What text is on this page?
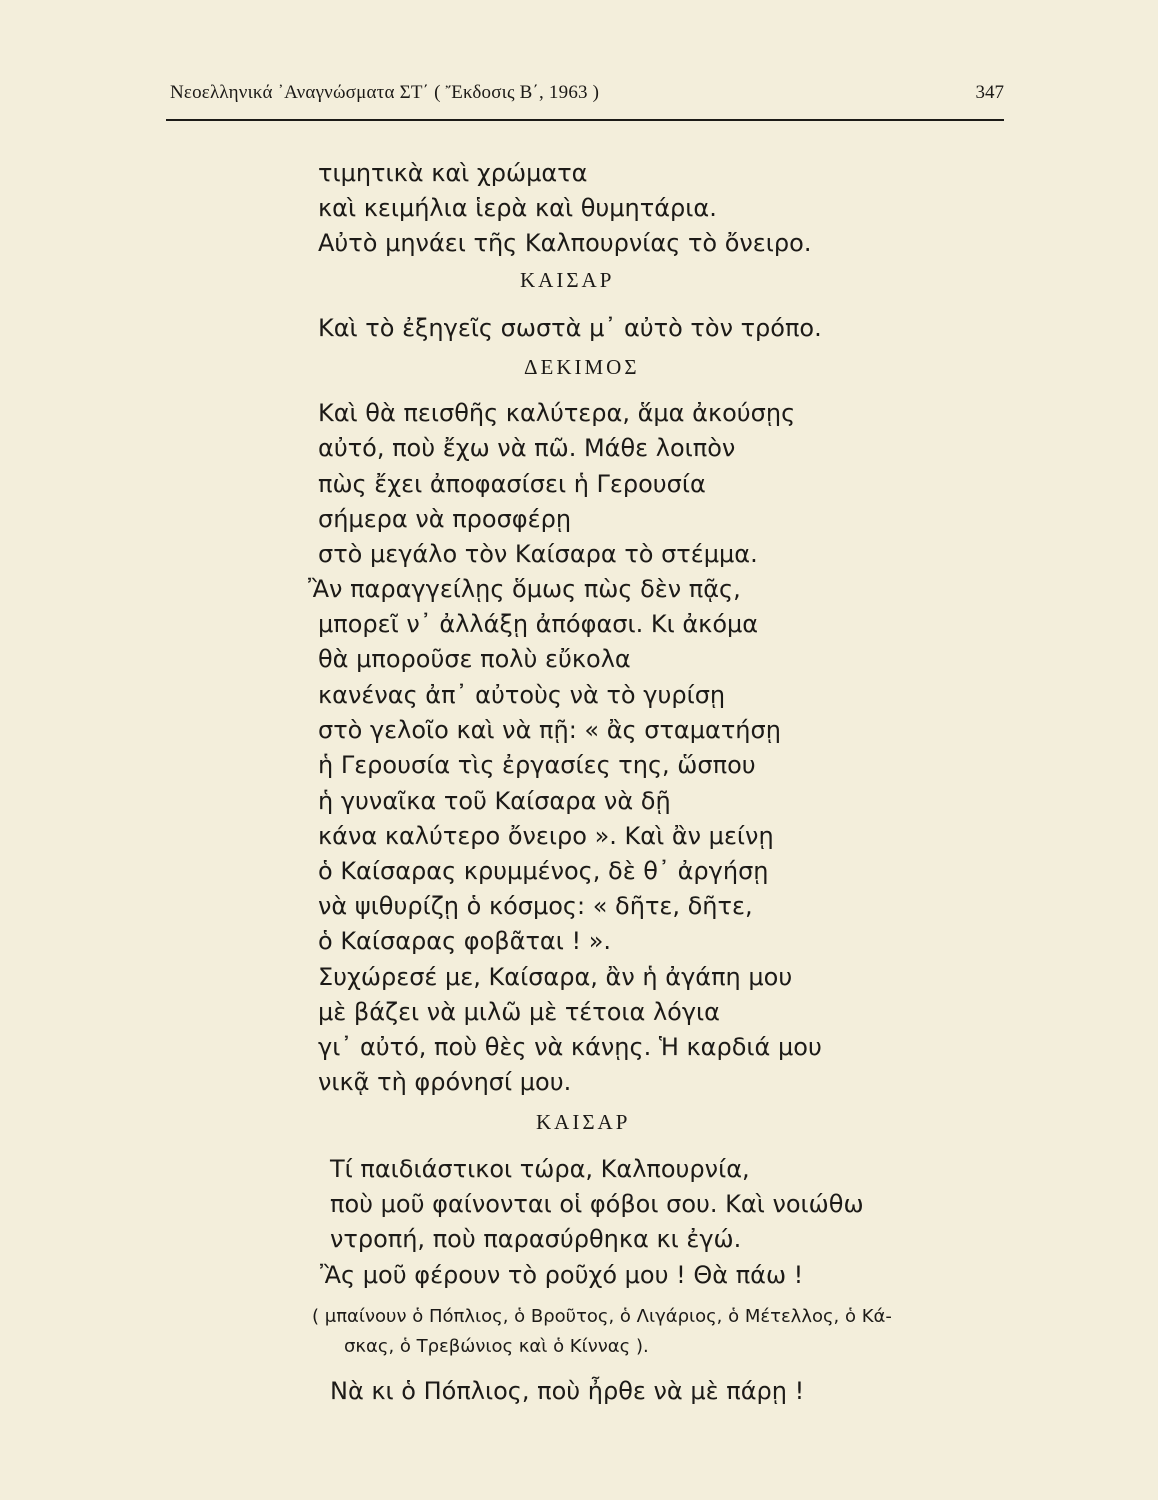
Νεοελληνικά ᾿Αναγνώσματα ΣΤ΄ ( Ἔκδοσις Β΄, 1963 )	347
τιμητικὰ καὶ χρώματα
καὶ κειμήλια ἱερὰ καὶ θυμητάρια.
Αὐτὸ μηνάει τῆς Καλπουρνίας τὸ ὄνειρο.
ΚΑΙΣΑΡ
Καὶ τὸ ἐξηγεῖς σωστὰ μ᾿ αὐτὸ τὸν τρόπο.
ΔΕΚΙΜΟΣ
Καὶ θὰ πεισθῆς καλύτερα, ἅμα ἀκούσῃς
αὐτό, ποὺ ἔχω νὰ πῶ. Μάθε λοιπὸν
πὼς ἔχει ἀποφασίσει ἡ Γερουσία
σήμερα νὰ προσφέρῃ
στὸ μεγάλο τὸν Καίσαρα τὸ στέμμα.
Ἂν παραγγείλῃς ὅμως πὼς δὲν πᾷς,
μπορεῖ ν᾿ ἀλλάξῃ ἀπόφασι. Κι ἀκόμα
θὰ μποροῦσε πολὺ εὔκολα
κανένας ἀπ᾿ αὐτοὺς νὰ τὸ γυρίσῃ
στὸ γελοῖο καὶ νὰ πῇ: « ἂς σταματήσῃ
ἡ Γερουσία τὶς ἐργασίες της, ὥσπου
ἡ γυναῖκα τοῦ Καίσαρα νὰ δῇ
κάνα καλύτερο ὄνειρο ». Καὶ ἂν μείνῃ
ὁ Καίσαρας κρυμμένος, δὲ θ᾿ ἀργήσῃ
νὰ ψιθυρίζῃ ὁ κόσμος: « δῆτε, δῆτε,
ὁ Καίσαρας φοβᾶται ! ».
Συχώρεσέ με, Καίσαρα, ἂν ἡ ἀγάπη μου
μὲ βάζει νὰ μιλῶ μὲ τέτοια λόγια
γι᾿ αὐτό, ποὺ θὲς νὰ κάνῃς. Ἡ καρδιά μου
νικᾷ τὴ φρόνησί μου.
ΚΑΙΣΑΡ
Τί παιδιάστικοι τώρα, Καλπουρνία,
ποὺ μοῦ φαίνονται οἱ φόβοι σου. Καὶ νοιώθω
ντροπή, ποὺ παρασύρθηκα κι ἐγώ.
Ἂς μοῦ φέρουν τὸ ροῦχό μου ! Θὰ πάω !
( μπαίνουν ὁ Πόπλιος, ὁ Βροῦτος, ὁ Λιγάριος, ὁ Μέτελλος, ὁ Κά-
σκας, ὁ Τρεβώνιος καὶ ὁ Κίννας ).
Νὰ κι ὁ Πόπλιος, ποὺ ἦρθε νὰ μὲ πάρῃ !
